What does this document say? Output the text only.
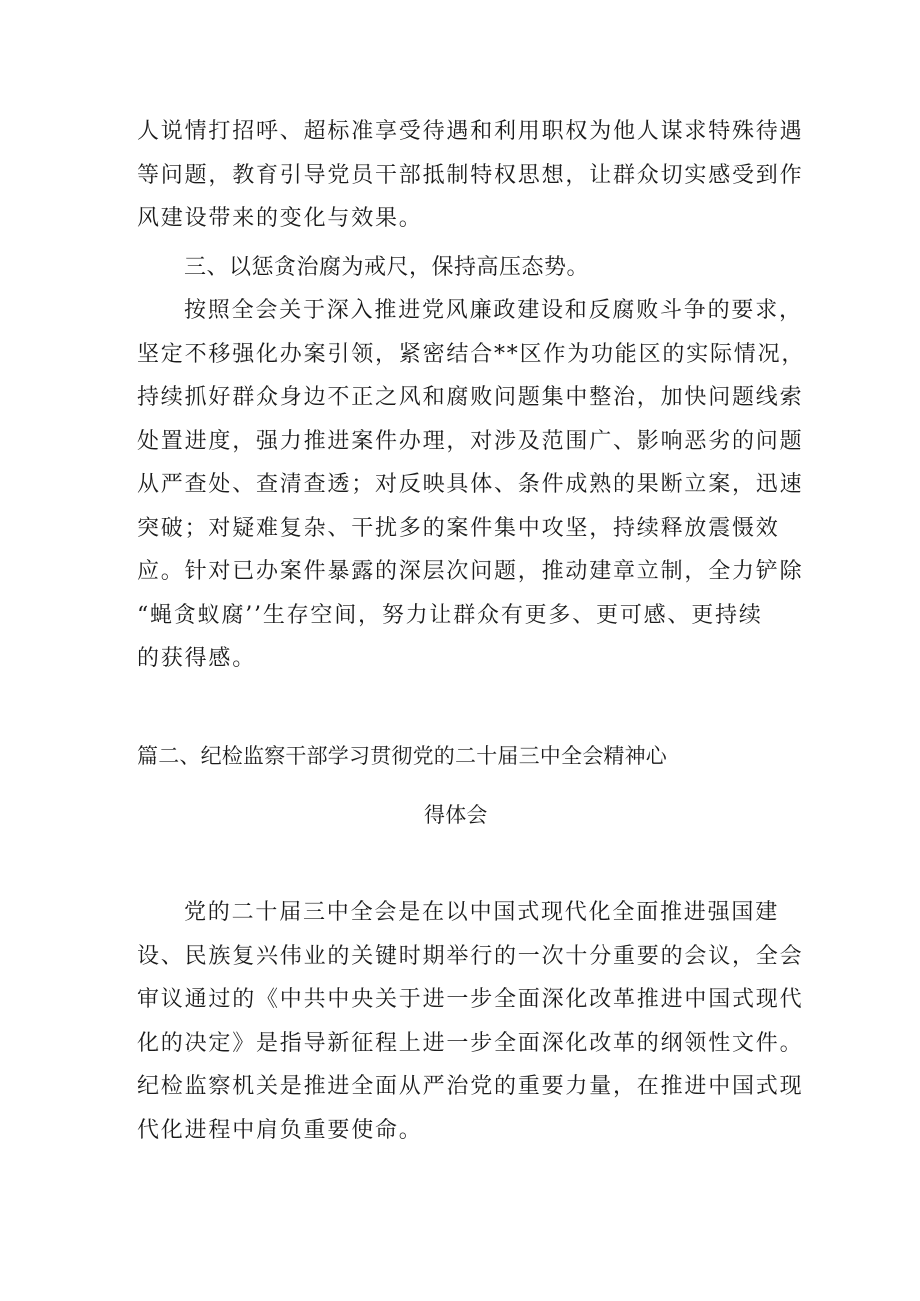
人说情打招呼、超标准享受待遇和利用职权为他人谋求特殊待遇
等问题，教育引导党员干部抵制特权思想，让群众切实感受到作
风建设带来的变化与效果。
三、以惩贪治腐为戒尺，保持高压态势。
按照全会关于深入推进党风廉政建设和反腐败斗争的要求，
坚定不移强化办案引领，紧密结合**区作为功能区的实际情况，
持续抓好群众身边不正之风和腐败问题集中整治，加快问题线索
处置进度，强力推进案件办理，对涉及范围广、影响恶劣的问题
从严查处、查清查透；对反映具体、条件成熟的果断立案，迅速
突破；对疑难复杂、干扰多的案件集中攻坚，持续释放震慑效
应。针对已办案件暴露的深层次问题，推动建章立制，全力铲除
“蝇贪蚁腐’’生存空间，努力让群众有更多、更可感、更持续
的获得感。
篇二、纪检监察干部学习贯彻党的二十届三中全会精神心
得体会
党的二十届三中全会是在以中国式现代化全面推进强国建
设、民族复兴伟业的关键时期举行的一次十分重要的会议，全会
审议通过的《中共中央关于进一步全面深化改革推进中国式现代
化的决定》是指导新征程上进一步全面深化改革的纲领性文件。
纪检监察机关是推进全面从严治党的重要力量，在推进中国式现
代化进程中肩负重要使命。
